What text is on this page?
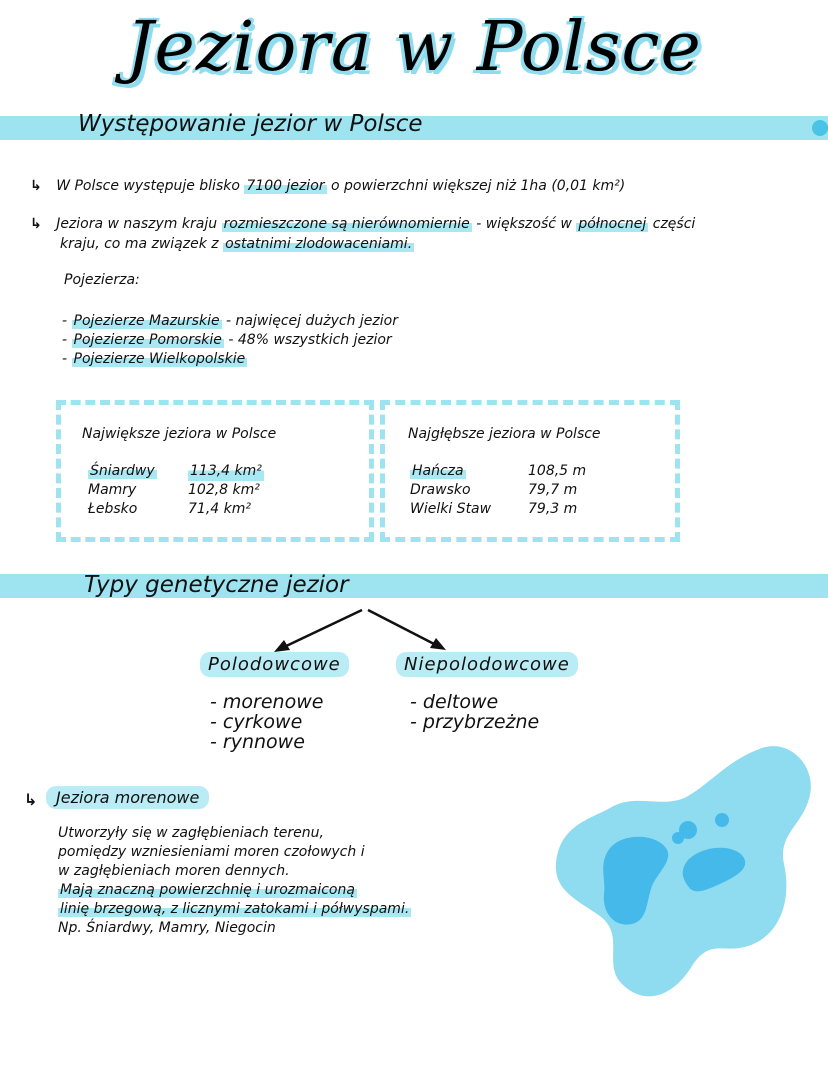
Jeziora w Polsce
Występowanie jezior w Polsce
↳ W Polsce występuje blisko 7100 jezior o powierzchni większej niż 1ha (0,01 km²)
↳ Jeziora w naszym kraju rozmieszczone są nierównomiernie - większość w północnej części
kraju, co ma związek z ostatnimi zlodowaceniami.
Pojezierza:
- Pojezierze Mazurskie - najwięcej dużych jezior
- Pojezierze Pomorskie - 48% wszystkich jezior
- Pojezierze Wielkopolskie
Największe jeziora w Polsce
Śniardwy	113,4 km²
Mamry	102,8 km²
Łebsko	71,4 km²
Najgłębsze jeziora w Polsce
Hańcza	108,5 m
Drawsko	79,7 m
Wielki Staw	79,3 m
Typy genetyczne jezior
Polodowcowe
- morenowe
- cyrkowe
- rynnowe
Niepolodowcowe
- deltowe
- przybrzeżne
↳	Jeziora morenowe
Utworzyły się w zagłębieniach terenu,
pomiędzy wzniesieniami moren czołowych i
w zagłębieniach moren dennych.
Mają znaczną powierzchnię i urozmaiconą
linię brzegową, z licznymi zatokami i półwyspami.
Np. Śniardwy, Mamry, Niegocin
